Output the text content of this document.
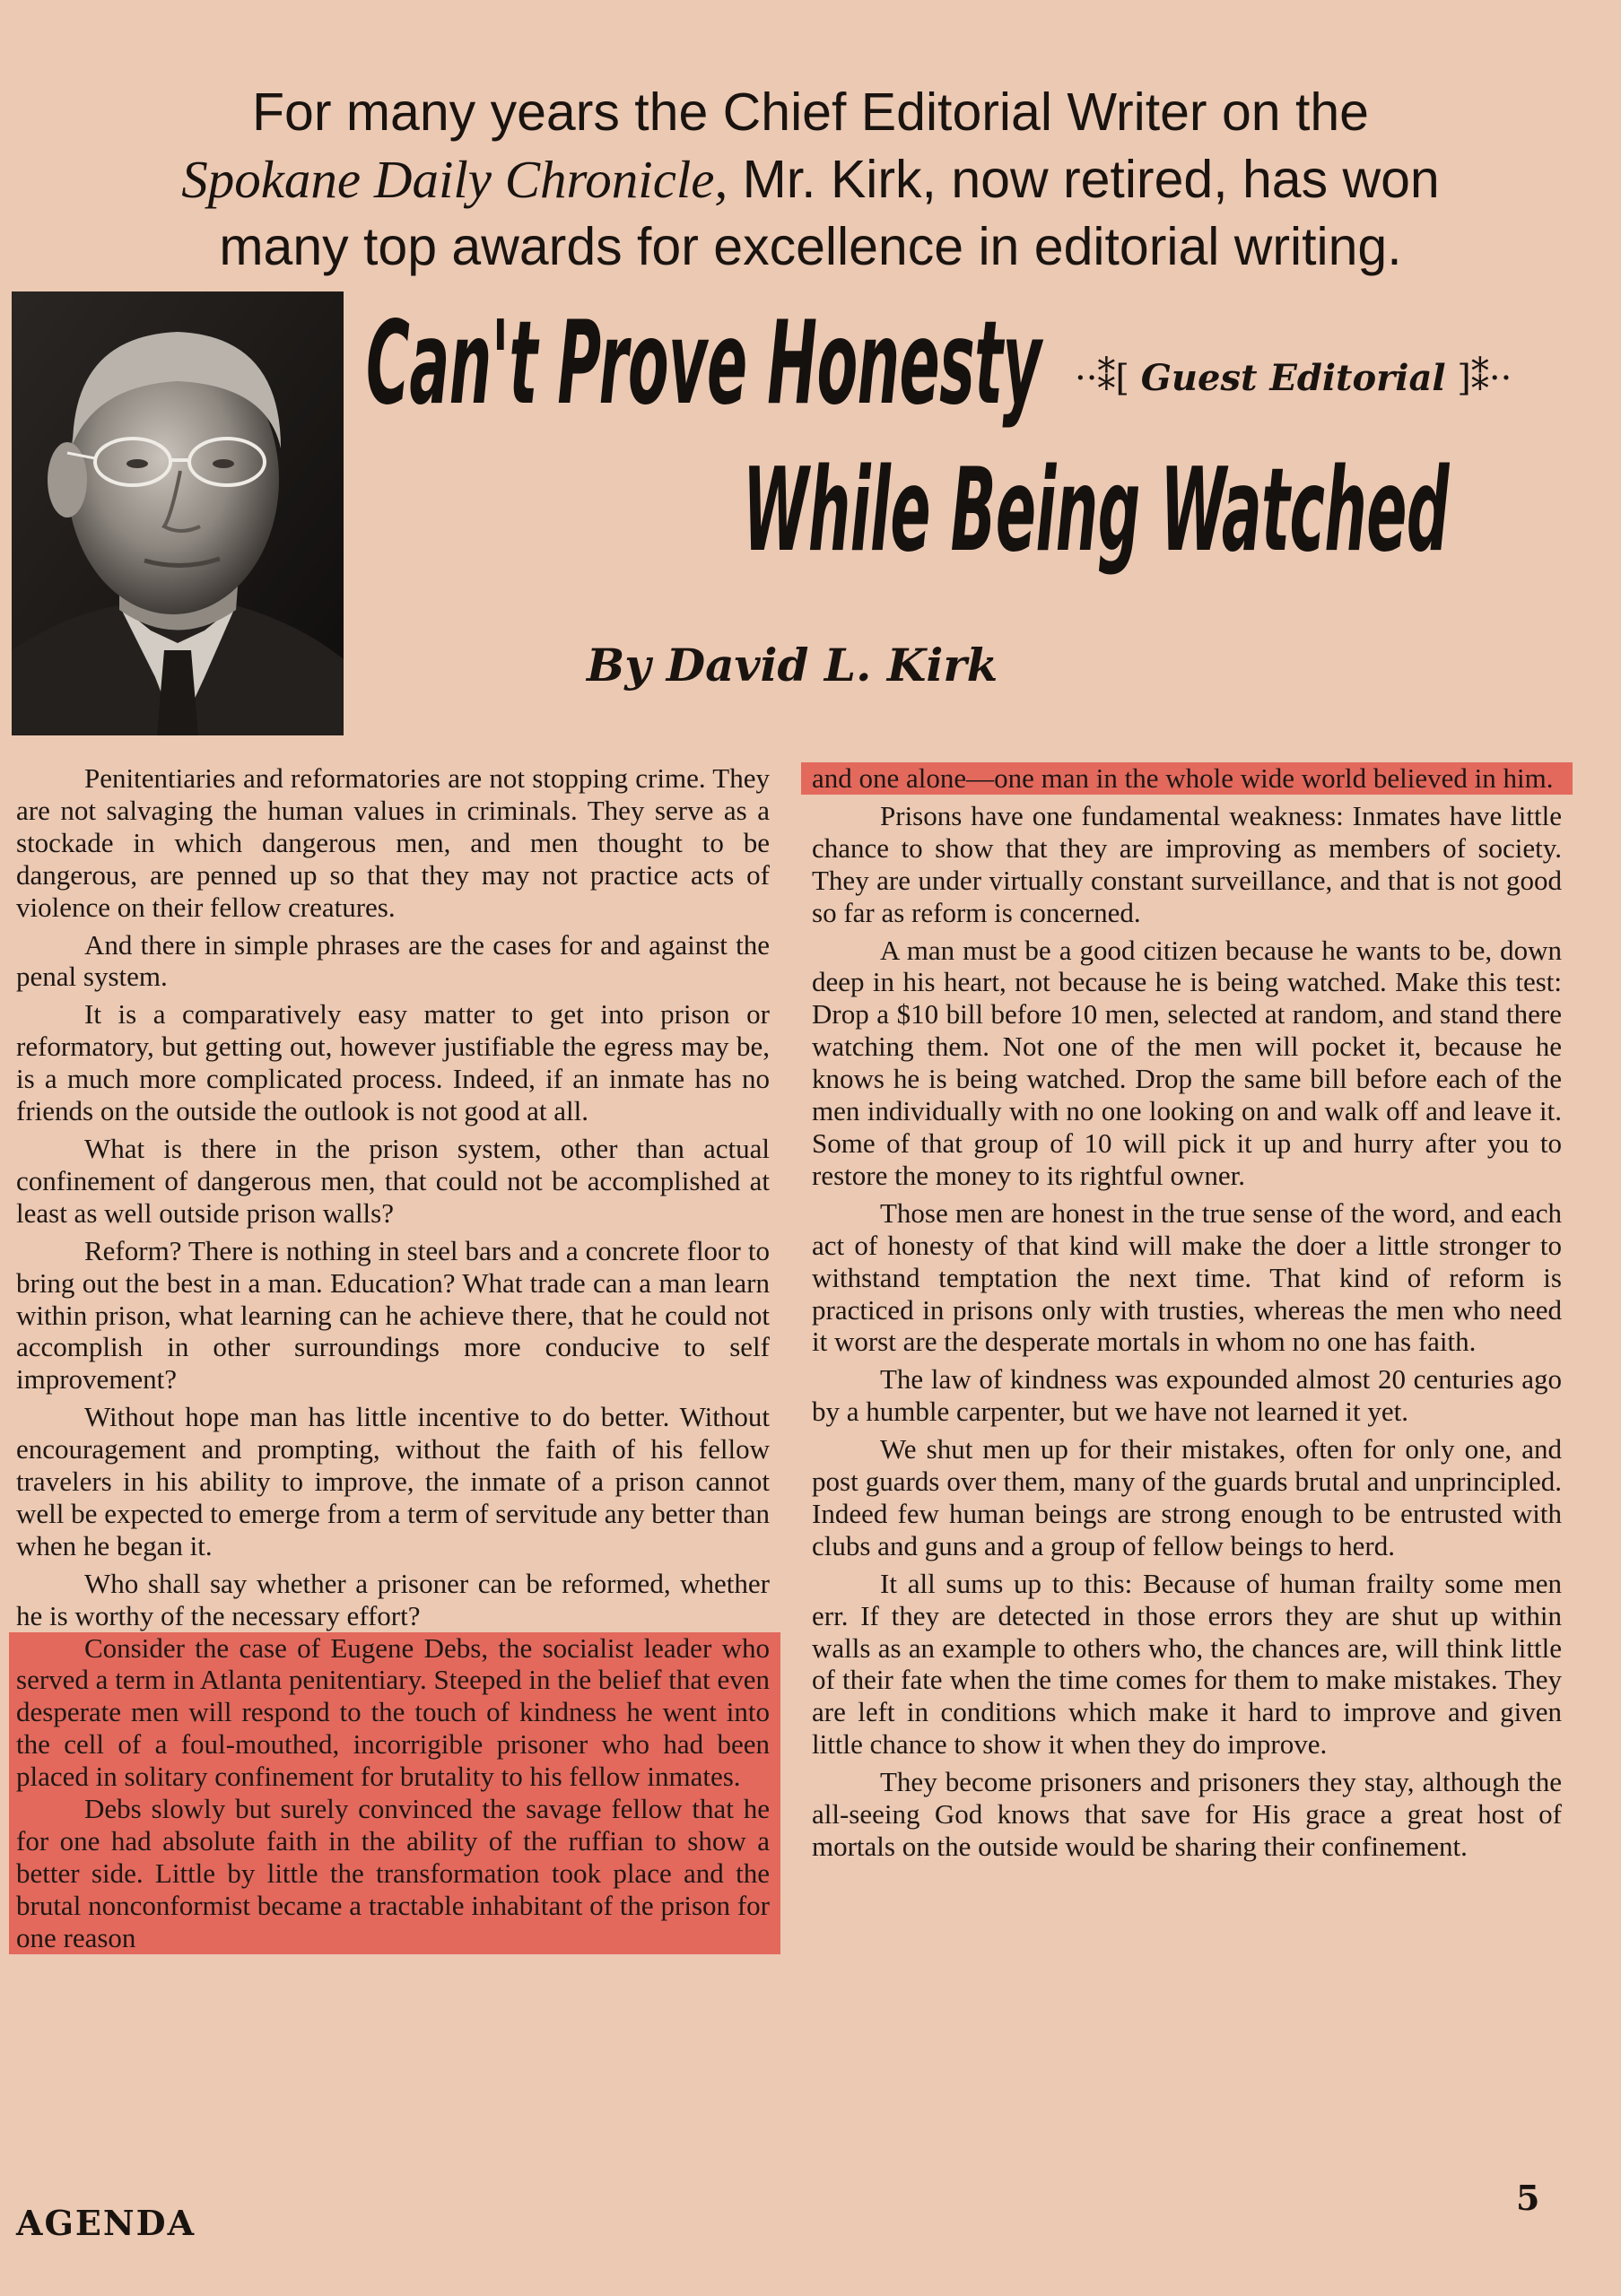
For many years the Chief Editorial Writer on the
Spokane Daily Chronicle, Mr. Kirk, now retired, has won
many top awards for excellence in editorial writing.
Can't Prove Honesty ··⁑[ Guest Editorial ]⁑··
While Being Watched
By David L. Kirk

Penitentiaries and reformatories are not stopping crime. They are not salvaging the human values in criminals. They serve as a stockade in which dangerous men, and men thought to be dangerous, are penned up so that they may not practice acts of violence on their fellow creatures.

And there in simple phrases are the cases for and against the penal system.

It is a comparatively easy matter to get into prison or reformatory, but getting out, however justifiable the egress may be, is a much more complicated process. Indeed, if an inmate has no friends on the outside the outlook is not good at all.

What is there in the prison system, other than actual confinement of dangerous men, that could not be accomplished at least as well outside prison walls?

Reform? There is nothing in steel bars and a concrete floor to bring out the best in a man. Education? What trade can a man learn within prison, what learning can he achieve there, that he could not accomplish in other surroundings more conducive to self improvement?

Without hope man has little incentive to do better. Without encouragement and prompting, without the faith of his fellow travelers in his ability to improve, the inmate of a prison cannot well be expected to emerge from a term of servitude any better than when he began it.

Who shall say whether a prisoner can be reformed, whether he is worthy of the necessary effort?

Consider the case of Eugene Debs, the socialist leader who served a term in Atlanta penitentiary. Steeped in the belief that even desperate men will respond to the touch of kindness he went into the cell of a foul-mouthed, incorrigible prisoner who had been placed in solitary confinement for brutality to his fellow inmates.

Debs slowly but surely convinced the savage fellow that he for one had absolute faith in the ability of the ruffian to show a better side. Little by little the transformation took place and the brutal nonconformist became a tractable inhabitant of the prison for one reason

and one alone—one man in the whole wide world believed in him.

Prisons have one fundamental weakness: Inmates have little chance to show that they are improving as members of society. They are under virtually constant surveillance, and that is not good so far as reform is concerned.

A man must be a good citizen because he wants to be, down deep in his heart, not because he is being watched. Make this test: Drop a $10 bill before 10 men, selected at random, and stand there watching them. Not one of the men will pocket it, because he knows he is being watched. Drop the same bill before each of the men individually with no one looking on and walk off and leave it. Some of that group of 10 will pick it up and hurry after you to restore the money to its rightful owner.

Those men are honest in the true sense of the word, and each act of honesty of that kind will make the doer a little stronger to withstand temptation the next time. That kind of reform is practiced in prisons only with trusties, whereas the men who need it worst are the desperate mortals in whom no one has faith.

The law of kindness was expounded almost 20 centuries ago by a humble carpenter, but we have not learned it yet.

We shut men up for their mistakes, often for only one, and post guards over them, many of the guards brutal and unprincipled. Indeed few human beings are strong enough to be entrusted with clubs and guns and a group of fellow beings to herd.

It all sums up to this: Because of human frailty some men err. If they are detected in those errors they are shut up within walls as an example to others who, the chances are, will think little of their fate when the time comes for them to make mistakes. They are left in conditions which make it hard to improve and given little chance to show it when they do improve.

They become prisoners and prisoners they stay, although the all-seeing God knows that save for His grace a great host of mortals on the outside would be sharing their confinement.

AGENDA
5
